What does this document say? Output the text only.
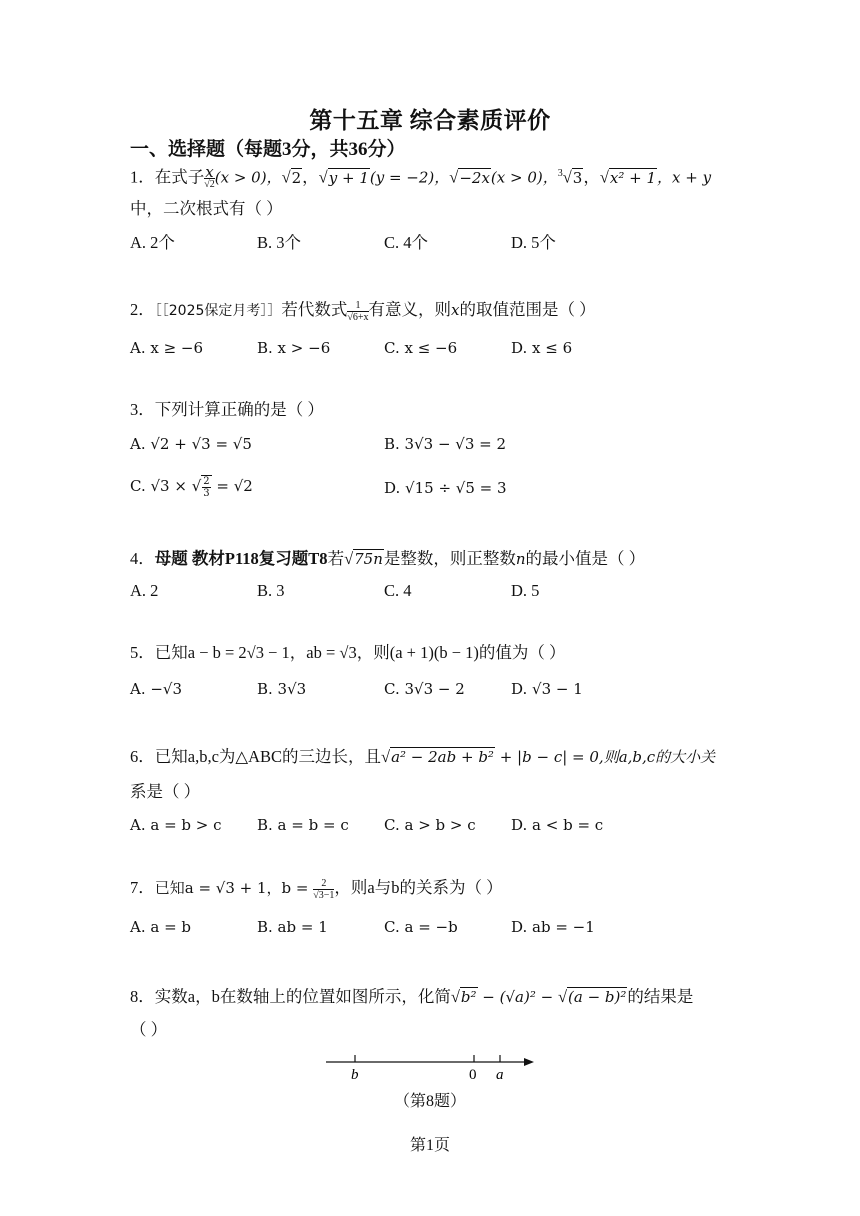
第十五章 综合素质评价
一、选择题（每题3分，共36分）
1．在式子 $\frac{x}{√2} (x > 0)$，√2，√y + 1(y = −2)，√−2x(x > 0)，$^3$√3，√x² + 1，x + y
中，二次根式有（ ）
A. 2个	B. 3个	C. 4个	D. 5个
2．［［2025保定月考］］若代数式 $\frac{1}{√6+x}$ 有意义，则x的取值范围是（ ）
A. x ≥ −6	B. x > −6	C. x ≤ −6	D. x ≤ 6
3．下列计算正确的是（ ）
A. √2 + √3 = √5	B. 3√3 − √3 = 2
C. √3 × √ $\frac{2}{3} = √2$	D. √15 ÷ √5 = 3
4．母题 教材P118复习题T8若√75n是整数，则正整数n的最小值是（ ）
A. 2	B. 3	C. 4	D. 5
5．已知a − b = 2√3 − 1，ab = √3，则(a + 1)(b − 1)的值为（ ）
A. −√3	B. 3√3	C. 3√3 − 2	D. √3 − 1
6．已知a,b,c为△ABC的三边长，且√a² − 2ab + b² + |b − c| = 0,则a,b,c的大小关
系是（ ）
A. a = b > c B. a = b = c C. a > b > c D. a < b = c
7．已知a = √3 + 1，$b = \frac{2}{√3-1}$ ，则a与b的关系为（ ）
A. a = b	B. ab = 1	C. a = −b	D. ab = −1
8．实数a，b在数轴上的位置如图所示，化简√b² − (√a)² − √(a − b)²的结果是
（ ）
b	0 a
（第8题）
第1页
